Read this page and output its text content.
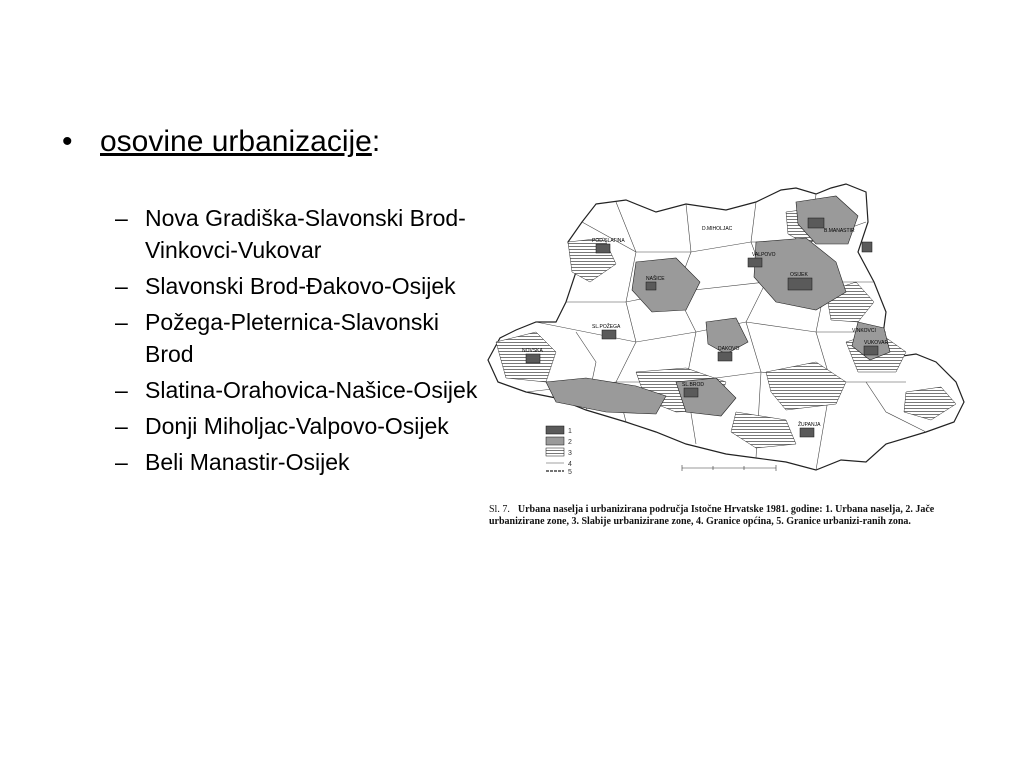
• osovine urbanizacije:
– Nova Gradiška-Slavonski Brod-Vinkovci-Vukovar
– Slavonski Brod-Đakovo-Osijek
– Požega-Pleternica-Slavonski Brod
– Slatina-Orahovica-Našice-Osijek
– Donji Miholjac-Valpovo-Osijek
– Beli Manastir-Osijek
POD.SLATINA
D.MIHOLJAC	B.MANASTIR
VALPOVO
OSIJEK
NAŠICE
SL.POŽEGA
DAKOVO
VINKOVCI
VUKOVAR
NOVSKA
SL.BROD
ŽUPANJA
1
2
3
4
5
Sl. 7. Urbana naselja i urbanizirana područja Istočne Hrvatske 1981. godine: 1. Urbana naselja, 2. Jače urbanizirane zone, 3. Slabije urbanizirane zone, 4. Granice općina, 5. Granice urbanizi-ranih zona.
